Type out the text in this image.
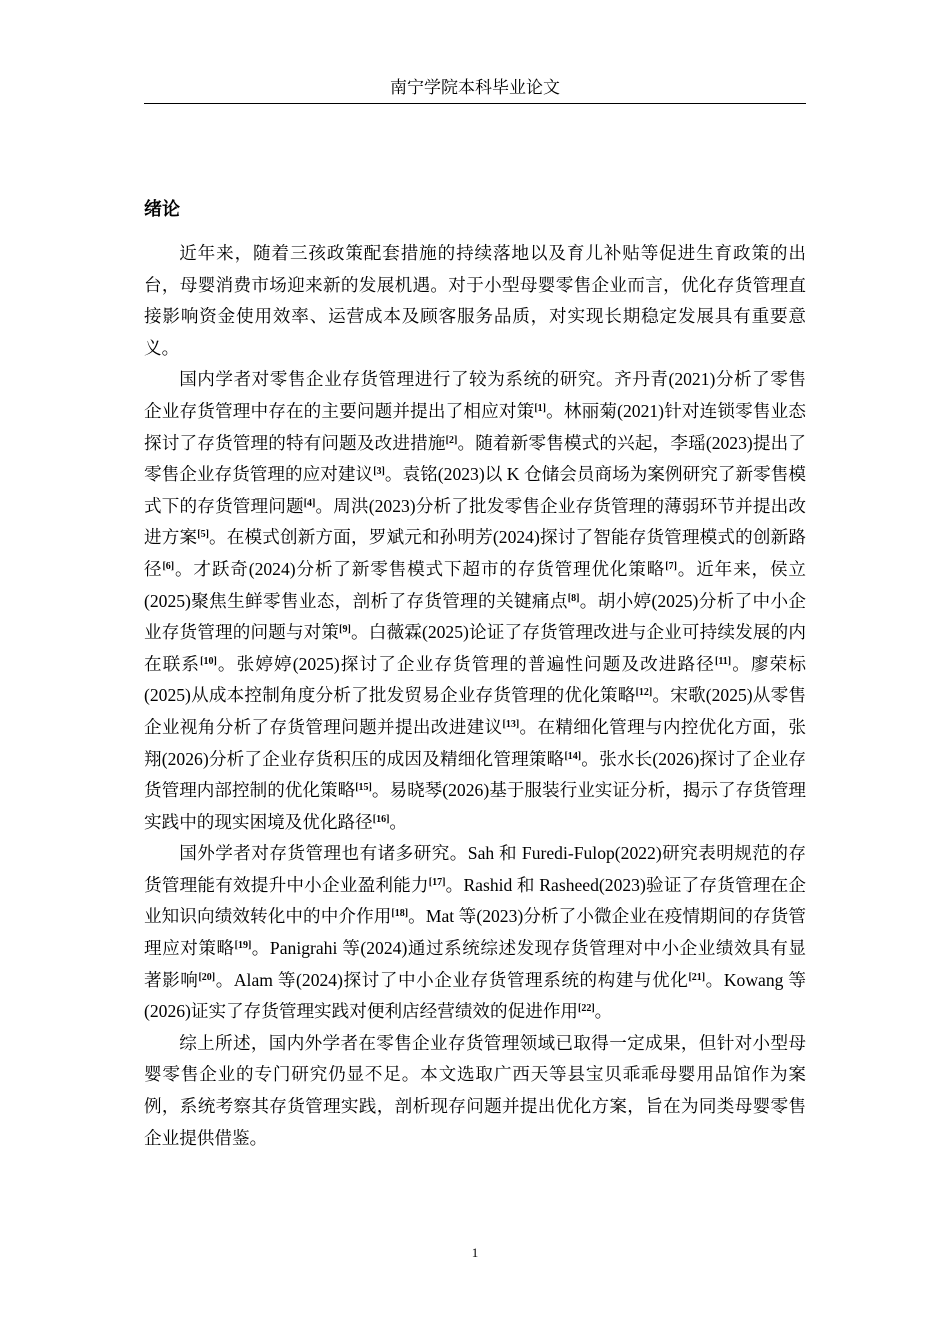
南宁学院本科毕业论文
绪论

近年来，随着三孩政策配套措施的持续落地以及育儿补贴等促进生育政策的出台，母婴消费市场迎来新的发展机遇。对于小型母婴零售企业而言，优化存货管理直接影响资金使用效率、运营成本及顾客服务品质，对实现长期稳定发展具有重要意义。

国内学者对零售企业存货管理进行了较为系统的研究。齐丹青(2021)分析了零售企业存货管理中存在的主要问题并提出了相应对策[1]。林丽菊(2021)针对连锁零售业态探讨了存货管理的特有问题及改进措施[2]。随着新零售模式的兴起，李瑶(2023)提出了零售企业存货管理的应对建议[3]。袁铭(2023)以 K 仓储会员商场为案例研究了新零售模式下的存货管理问题[4]。周洪(2023)分析了批发零售企业存货管理的薄弱环节并提出改进方案[5]。在模式创新方面，罗斌元和孙明芳(2024)探讨了智能存货管理模式的创新路径[6]。才跃奇(2024)分析了新零售模式下超市的存货管理优化策略[7]。近年来，侯立(2025)聚焦生鲜零售业态，剖析了存货管理的关键痛点[8]。胡小婷(2025)分析了中小企业存货管理的问题与对策[9]。白薇霖(2025)论证了存货管理改进与企业可持续发展的内在联系[10]。张婷婷(2025)探讨了企业存货管理的普遍性问题及改进路径[11]。廖荣标(2025)从成本控制角度分析了批发贸易企业存货管理的优化策略[12]。宋歌(2025)从零售企业视角分析了存货管理问题并提出改进建议[13]。在精细化管理与内控优化方面，张翔(2026)分析了企业存货积压的成因及精细化管理策略[14]。张水长(2026)探讨了企业存货管理内部控制的优化策略[15]。易晓琴(2026)基于服装行业实证分析，揭示了存货管理实践中的现实困境及优化路径[16]。

国外学者对存货管理也有诸多研究。Sah 和 Furedi-Fulop(2022)研究表明规范的存货管理能有效提升中小企业盈利能力[17]。Rashid 和 Rasheed(2023)验证了存货管理在企业知识向绩效转化中的中介作用[18]。Mat 等(2023)分析了小微企业在疫情期间的存货管理应对策略[19]。Panigrahi 等(2024)通过系统综述发现存货管理对中小企业绩效具有显著影响[20]。Alam 等(2024)探讨了中小企业存货管理系统的构建与优化[21]。Kowang 等(2026)证实了存货管理实践对便利店经营绩效的促进作用[22]。

综上所述，国内外学者在零售企业存货管理领域已取得一定成果，但针对小型母婴零售企业的专门研究仍显不足。本文选取广西天等县宝贝乖乖母婴用品馆作为案例，系统考察其存货管理实践，剖析现存问题并提出优化方案，旨在为同类母婴零售企业提供借鉴。

1
